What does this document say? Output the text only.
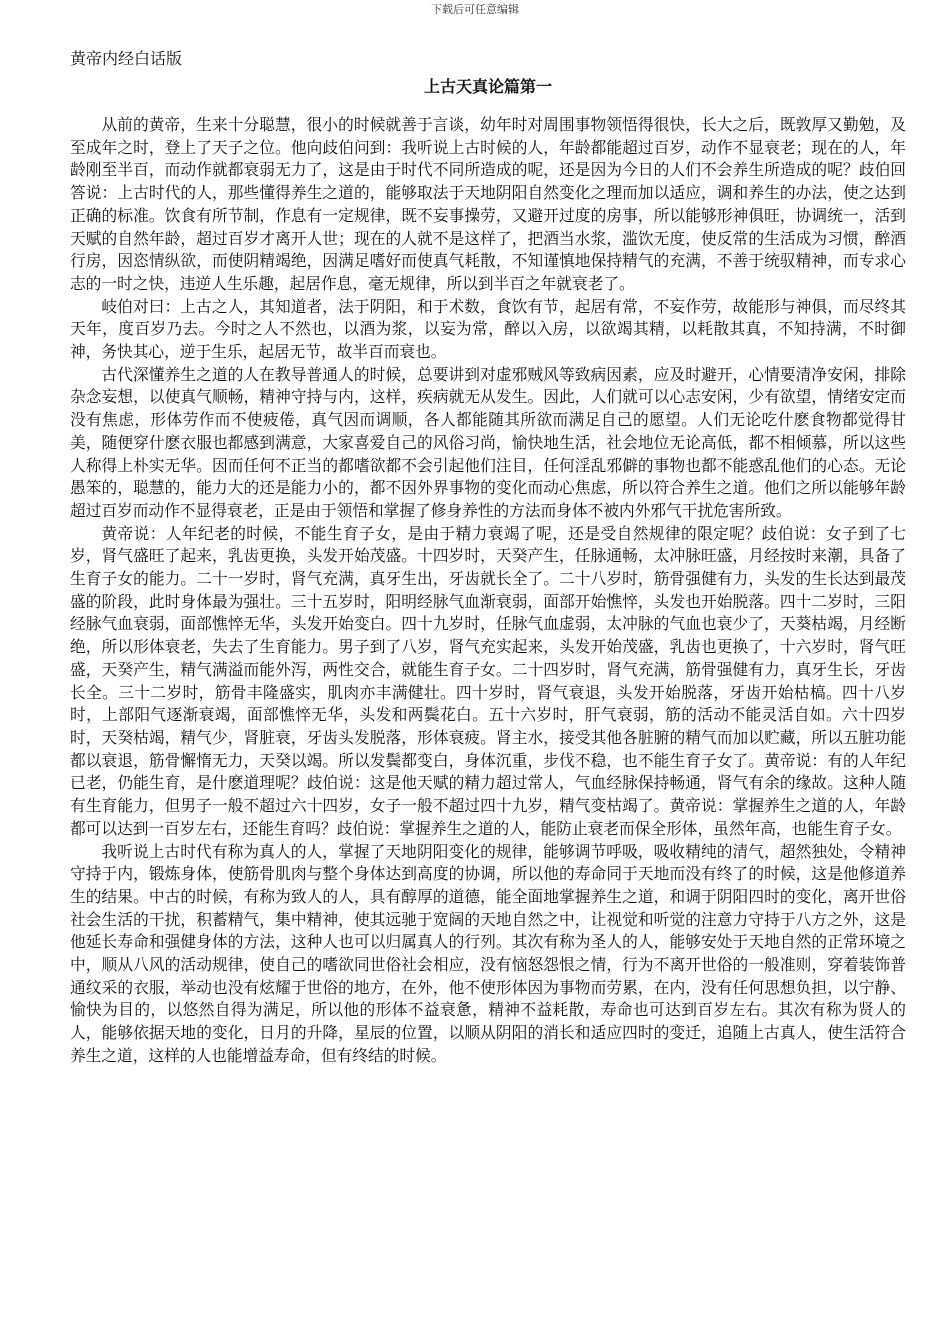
下载后可任意编辑

黄帝内经白话版

上古天真论篇第一

从前的黄帝，生来十分聪慧，很小的时候就善于言谈，幼年时对周围事物领悟得很快，长大之后，既敦厚又勤勉，及至成年之时，登上了天子之位。他向歧伯问到：我听说上古时候的人，年龄都能超过百岁，动作不显衰老；现在的人，年龄刚至半百，而动作就都衰弱无力了，这是由于时代不同所造成的呢，还是因为今日的人们不会养生所造成的呢？歧伯回答说：上古时代的人，那些懂得养生之道的，能够取法于天地阴阳自然变化之理而加以适应，调和养生的办法，使之达到正确的标准。饮食有所节制，作息有一定规律，既不妄事操劳，又避开过度的房事，所以能够形神俱旺，协调统一，活到天赋的自然年龄，超过百岁才离开人世；现在的人就不是这样了，把酒当水浆，滥饮无度，使反常的生活成为习惯，醉酒行房，因恣情纵欲，而使阴精竭绝，因满足嗜好而使真气耗散，不知谨慎地保持精气的充满，不善于统驭精神，而专求心志的一时之快，违逆人生乐趣，起居作息，毫无规律，所以到半百之年就衰老了。

岐伯对曰：上古之人，其知道者，法于阴阳，和于术数，食饮有节，起居有常，不妄作劳，故能形与神俱，而尽终其天年，度百岁乃去。今时之人不然也，以酒为浆，以妄为常，醉以入房，以欲竭其精，以耗散其真，不知持满，不时御神，务快其心，逆于生乐，起居无节，故半百而衰也。

古代深懂养生之道的人在教导普通人的时候，总要讲到对虚邪贼风等致病因素，应及时避开，心情要清净安闲，排除杂念妄想，以使真气顺畅，精神守持与内，这样，疾病就无从发生。因此，人们就可以心志安闲，少有欲望，情绪安定而没有焦虑，形体劳作而不使疲倦，真气因而调顺，各人都能随其所欲而满足自己的愿望。人们无论吃什麽食物都觉得甘美，随便穿什麽衣服也都感到满意，大家喜爱自己的风俗习尚，愉快地生活，社会地位无论高低，都不相倾慕，所以这些人称得上朴实无华。因而任何不正当的都嗜欲都不会引起他们注目，任何淫乱邪僻的事物也都不能惑乱他们的心态。无论愚笨的，聪慧的，能力大的还是能力小的，都不因外界事物的变化而动心焦虑，所以符合养生之道。他们之所以能够年龄超过百岁而动作不显得衰老，正是由于领悟和掌握了修身养性的方法而身体不被内外邪气干扰危害所致。

黄帝说：人年纪老的时候，不能生育子女，是由于精力衰竭了呢，还是受自然规律的限定呢？歧伯说：女子到了七岁，肾气盛旺了起来，乳齿更换，头发开始茂盛。十四岁时，天癸产生，任脉通畅，太冲脉旺盛，月经按时来潮，具备了生育子女的能力。二十一岁时，肾气充满，真牙生出，牙齿就长全了。二十八岁时，筋骨强健有力，头发的生长达到最茂盛的阶段，此时身体最为强壮。三十五岁时，阳明经脉气血渐衰弱，面部开始憔悴，头发也开始脱落。四十二岁时，三阳经脉气血衰弱，面部憔悴无华，头发开始变白。四十九岁时，任脉气血虚弱，太冲脉的气血也衰少了，天葵枯竭，月经断绝，所以形体衰老，失去了生育能力。男子到了八岁，肾气充实起来，头发开始茂盛，乳齿也更换了，十六岁时，肾气旺盛，天癸产生，精气满溢而能外泻，两性交合，就能生育子女。二十四岁时，肾气充满，筋骨强健有力，真牙生长，牙齿长全。三十二岁时，筋骨丰隆盛实，肌肉亦丰满健壮。四十岁时，肾气衰退，头发开始脱落，牙齿开始枯槁。四十八岁时，上部阳气逐渐衰竭，面部憔悴无华，头发和两鬓花白。五十六岁时，肝气衰弱，筋的活动不能灵活自如。六十四岁时，天癸枯竭，精气少，肾脏衰，牙齿头发脱落，形体衰疲。肾主水，接受其他各脏腑的精气而加以贮藏，所以五脏功能都以衰退，筋骨懈惰无力，天癸以竭。所以发鬓都变白，身体沉重，步伐不稳，也不能生育子女了。黄帝说：有的人年纪已老，仍能生育，是什麽道理呢？歧伯说：这是他天赋的精力超过常人，气血经脉保持畅通，肾气有余的缘故。这种人随有生育能力，但男子一般不超过六十四岁，女子一般不超过四十九岁，精气变枯竭了。黄帝说：掌握养生之道的人，年龄都可以达到一百岁左右，还能生育吗？歧伯说：掌握养生之道的人，能防止衰老而保全形体，虽然年高，也能生育子女。

我听说上古时代有称为真人的人，掌握了天地阴阳变化的规律，能够调节呼吸，吸收精纯的清气，超然独处，令精神守持于内，锻炼身体，使筋骨肌肉与整个身体达到高度的协调，所以他的寿命同于天地而没有终了的时候，这是他修道养生的结果。中古的时候，有称为致人的人，具有醇厚的道德，能全面地掌握养生之道，和调于阴阳四时的变化，离开世俗社会生活的干扰，积蓄精气，集中精神，使其远驰于宽阔的天地自然之中，让视觉和听觉的注意力守持于八方之外，这是他延长寿命和强健身体的方法，这种人也可以归属真人的行列。其次有称为圣人的人，能够安处于天地自然的正常环境之中，顺从八风的活动规律，使自己的嗜欲同世俗社会相应，没有恼怒怨恨之情，行为不离开世俗的一般准则，穿着装饰普通纹采的衣服，举动也没有炫耀于世俗的地方，在外，他不使形体因为事物而劳累，在内，没有任何思想负担，以宁静、愉快为目的，以悠然自得为满足，所以他的形体不益衰惫，精神不益耗散，寿命也可达到百岁左右。其次有称为贤人的人，能够依据天地的变化，日月的升降，星辰的位置，以顺从阴阳的消长和适应四时的变迁，追随上古真人，使生活符合养生之道，这样的人也能增益寿命，但有终结的时候。
